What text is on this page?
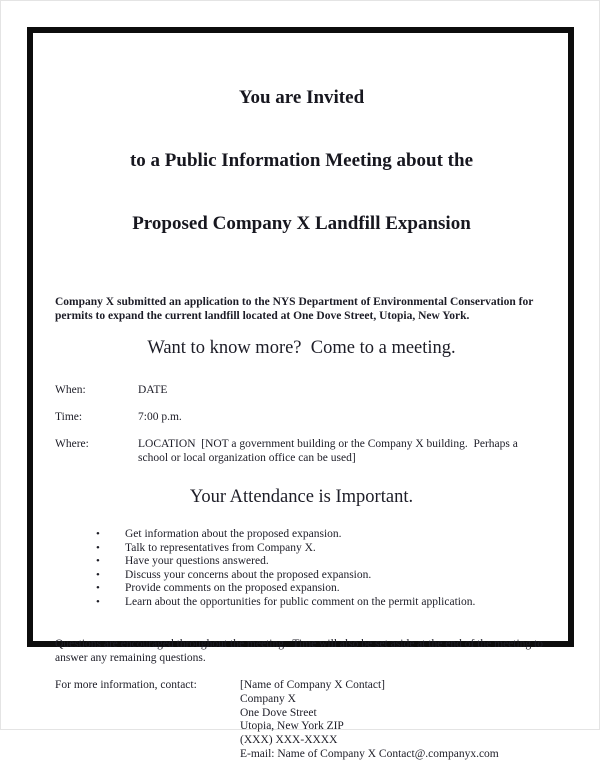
You are Invited

to a Public Information Meeting about the

Proposed Company X Landfill Expansion

Company X submitted an application to the NYS Department of Environmental Conservation for permits to expand the current landfill located at One Dove Street, Utopia, New York.

Want to know more?  Come to a meeting.
When:	DATE
Time:	7:00 p.m.
Where:	LOCATION  [NOT a government building or the Company X building.  Perhaps a school or local organization office can be used]
Your Attendance is Important.
• Get information about the proposed expansion.
• Talk to representatives from Company X.
• Have your questions answered.
• Discuss your concerns about the proposed expansion.
• Provide comments on the proposed expansion.
• Learn about the opportunities for public comment on the permit application.

Questions are encouraged throughout the meeting.  Time will also be set aside at the end of the meeting to answer any remaining questions.

For more information, contact:	[Name of Company X Contact]
Company X
One Dove Street
Utopia, New York ZIP
(XXX) XXX-XXXX
E-mail: Name of Company X Contact@.companyx.com
